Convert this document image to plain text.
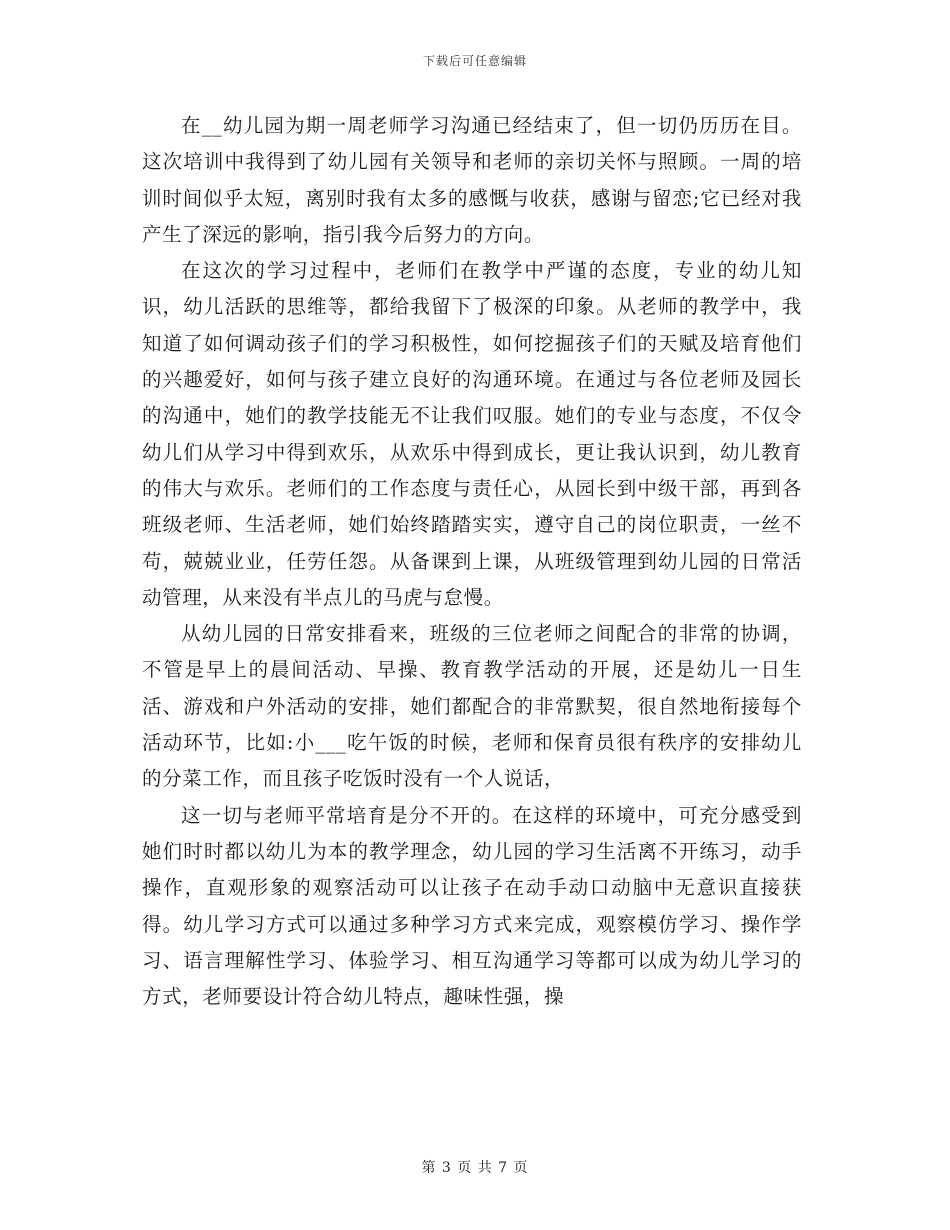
下载后可任意编辑

在__幼儿园为期一周老师学习沟通已经结束了，但一切仍历历在目。这次培训中我得到了幼儿园有关领导和老师的亲切关怀与照顾。一周的培训时间似乎太短，离别时我有太多的感慨与收获，感谢与留恋;它已经对我产生了深远的影响，指引我今后努力的方向。

在这次的学习过程中，老师们在教学中严谨的态度，专业的幼儿知识，幼儿活跃的思维等，都给我留下了极深的印象。从老师的教学中，我知道了如何调动孩子们的学习积极性，如何挖掘孩子们的天赋及培育他们的兴趣爱好，如何与孩子建立良好的沟通环境。在通过与各位老师及园长的沟通中，她们的教学技能无不让我们叹服。她们的专业与态度，不仅令幼儿们从学习中得到欢乐，从欢乐中得到成长，更让我认识到，幼儿教育的伟大与欢乐。老师们的工作态度与责任心，从园长到中级干部，再到各班级老师、生活老师，她们始终踏踏实实，遵守自己的岗位职责，一丝不苟，兢兢业业，任劳任怨。从备课到上课，从班级管理到幼儿园的日常活动管理，从来没有半点儿的马虎与怠慢。

从幼儿园的日常安排看来，班级的三位老师之间配合的非常的协调，不管是早上的晨间活动、早操、教育教学活动的开展，还是幼儿一日生活、游戏和户外活动的安排，她们都配合的非常默契，很自然地衔接每个活动环节，比如:小___吃午饭的时候，老师和保育员很有秩序的安排幼儿的分菜工作，而且孩子吃饭时没有一个人说话，

这一切与老师平常培育是分不开的。在这样的环境中，可充分感受到她们时时都以幼儿为本的教学理念，幼儿园的学习生活离不开练习，动手操作，直观形象的观察活动可以让孩子在动手动口动脑中无意识直接获得。幼儿学习方式可以通过多种学习方式来完成，观察模仿学习、操作学习、语言理解性学习、体验学习、相互沟通学习等都可以成为幼儿学习的方式，老师要设计符合幼儿特点，趣味性强，操

第 3 页 共 7 页
